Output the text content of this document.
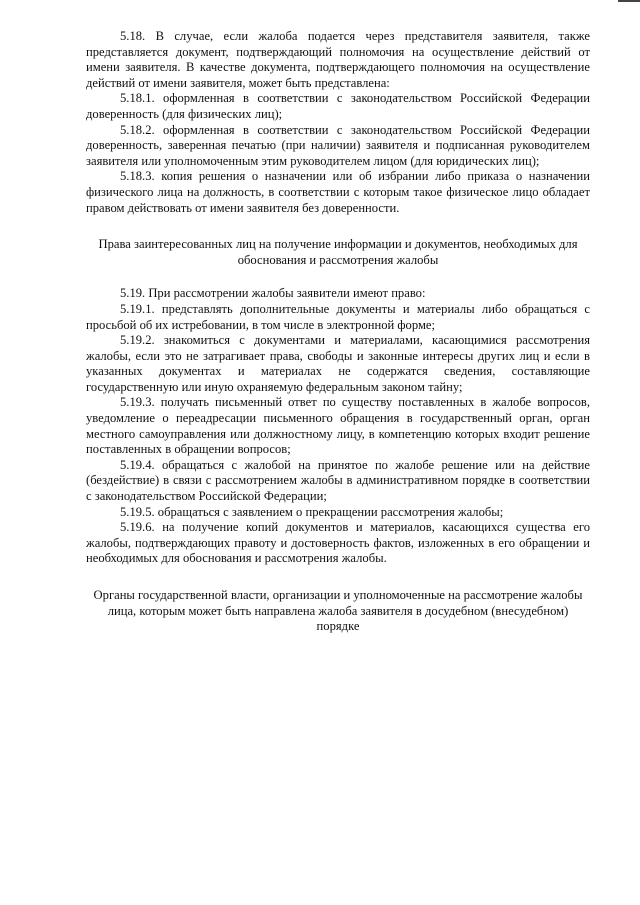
5.18. В случае, если жалоба подается через представителя заявителя, также представляется документ, подтверждающий полномочия на осуществление действий от имени заявителя. В качестве документа, подтверждающего полномочия на осуществление действий от имени заявителя, может быть представлена:

5.18.1. оформленная в соответствии с законодательством Российской Федерации доверенность (для физических лиц);

5.18.2. оформленная в соответствии с законодательством Российской Федерации доверенность, заверенная печатью (при наличии) заявителя и подписанная руководителем заявителя или уполномоченным этим руководителем лицом (для юридических лиц);

5.18.3. копия решения о назначении или об избрании либо приказа о назначении физического лица на должность, в соответствии с которым такое физическое лицо обладает правом действовать от имени заявителя без доверенности.

Права заинтересованных лиц на получение информации и документов, необходимых для обоснования и рассмотрения жалобы

5.19. При рассмотрении жалобы заявители имеют право:

5.19.1. представлять дополнительные документы и материалы либо обращаться с просьбой об их истребовании, в том числе в электронной форме;

5.19.2. знакомиться с документами и материалами, касающимися рассмотрения жалобы, если это не затрагивает права, свободы и законные интересы других лиц и если в указанных документах и материалах не содержатся сведения, составляющие государственную или иную охраняемую федеральным законом тайну;

5.19.3. получать письменный ответ по существу поставленных в жалобе вопросов, уведомление о переадресации письменного обращения в государственный орган, орган местного самоуправления или должностному лицу, в компетенцию которых входит решение поставленных в обращении вопросов;

5.19.4. обращаться с жалобой на принятое по жалобе решение или на действие (бездействие) в связи с рассмотрением жалобы в административном порядке в соответствии с законодательством Российской Федерации;

5.19.5. обращаться с заявлением о прекращении рассмотрения жалобы;

5.19.6. на получение копий документов и материалов, касающихся существа его жалобы, подтверждающих правоту и достоверность фактов, изложенных в его обращении и необходимых для обоснования и рассмотрения жалобы.

Органы государственной власти, организации и уполномоченные на рассмотрение жалобы лица, которым может быть направлена жалоба заявителя в досудебном (внесудебном) порядке
